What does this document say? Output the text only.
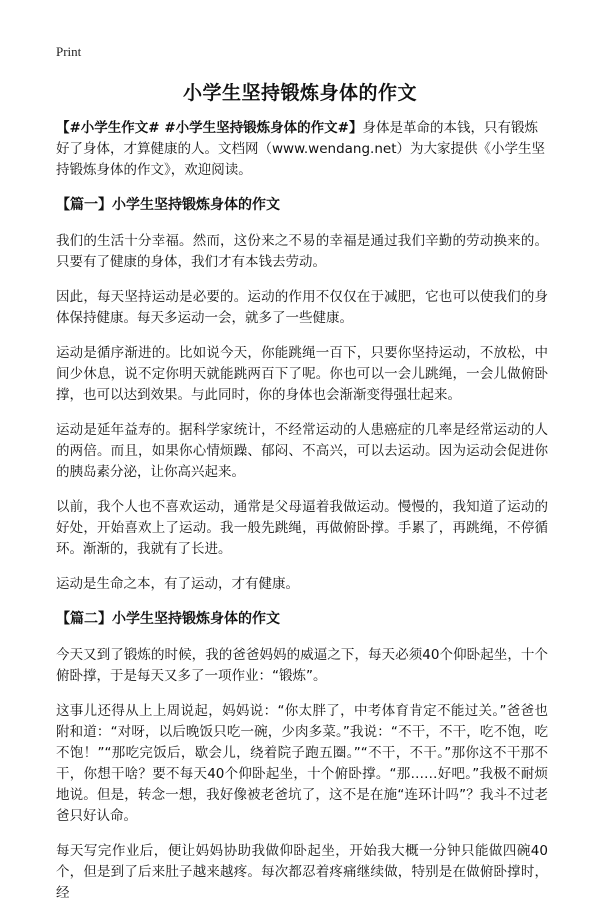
Print
小学生坚持锻炼身体的作文

【#小学生作文# #小学生坚持锻炼身体的作文#】身体是革命的本钱，只有锻炼好了身体，才算健康的人。文档网（www.wendang.net）为大家提供《小学生坚持锻炼身体的作文》，欢迎阅读。

【篇一】小学生坚持锻炼身体的作文

我们的生活十分幸福。然而，这份来之不易的幸福是通过我们辛勤的劳动换来的。只要有了健康的身体，我们才有本钱去劳动。

因此，每天坚持运动是必要的。运动的作用不仅仅在于减肥，它也可以使我们的身体保持健康。每天多运动一会，就多了一些健康。

运动是循序渐进的。比如说今天，你能跳绳一百下，只要你坚持运动，不放松，中间少休息，说不定你明天就能跳两百下了呢。你也可以一会儿跳绳，一会儿做俯卧撑，也可以达到效果。与此同时，你的身体也会渐渐变得强壮起来。

运动是延年益寿的。据科学家统计，不经常运动的人患癌症的几率是经常运动的人的两倍。而且，如果你心情烦躁、郁闷、不高兴，可以去运动。因为运动会促进你的胰岛素分泌，让你高兴起来。

以前，我个人也不喜欢运动，通常是父母逼着我做运动。慢慢的，我知道了运动的好处，开始喜欢上了运动。我一般先跳绳，再做俯卧撑。手累了，再跳绳，不停循环。渐渐的，我就有了长进。

运动是生命之本，有了运动，才有健康。

【篇二】小学生坚持锻炼身体的作文

今天又到了锻炼的时候，我的爸爸妈妈的威逼之下，每天必须40个仰卧起坐，十个俯卧撑，于是每天又多了一项作业：“锻炼”。

这事儿还得从上上周说起，妈妈说：“你太胖了，中考体育肯定不能过关。”爸爸也附和道：“对呀，以后晚饭只吃一碗，少肉多菜。”我说：“不干，不干，吃不饱，吃不饱！”“那吃完饭后，歇会儿，绕着院子跑五圈。”“不干，不干。”那你这不干那不干，你想干啥？要不每天40个仰卧起坐，十个俯卧撑。“那……好吧。”我极不耐烦地说。但是，转念一想，我好像被老爸坑了，这不是在施“连环计吗”？我斗不过老爸只好认命。

每天写完作业后，便让妈妈协助我做仰卧起坐，开始我大概一分钟只能做四碗40个，但是到了后来肚子越来越疼。每次都忍着疼痛继续做，特别是在做俯卧撑时，经
